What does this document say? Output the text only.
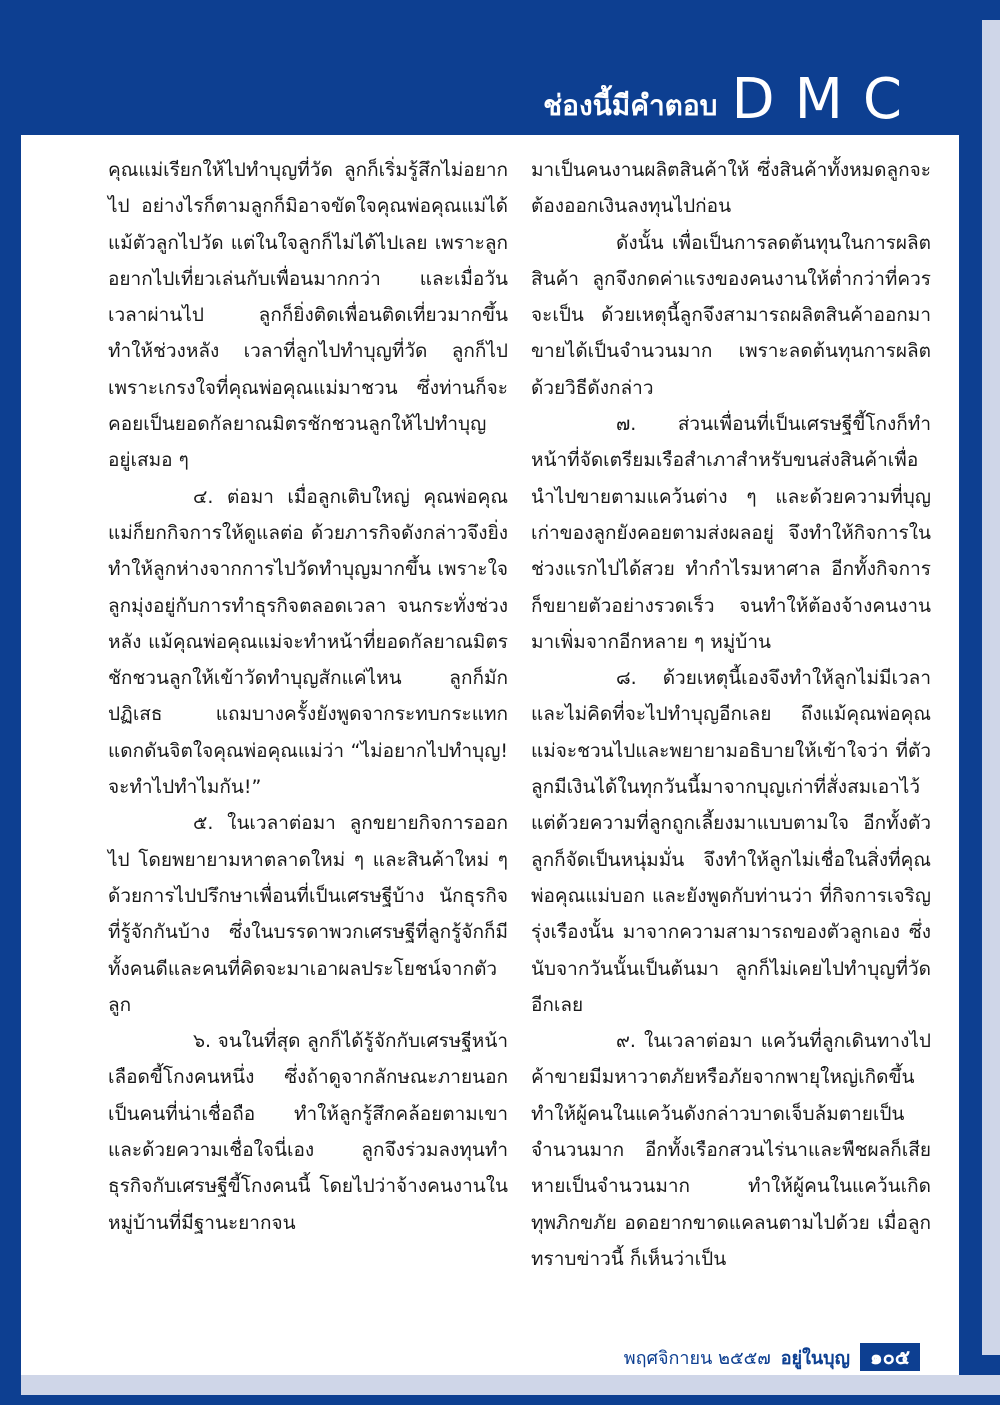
ช่องนี้มีคำตอบ DMC

คุณแม่เรียกให้ไปทำบุญที่วัด ลูกก็เริ่มรู้สึกไม่อยากไป อย่างไรก็ตามลูกก็มิอาจขัดใจคุณพ่อคุณแม่ได้ แม้ตัวลูกไปวัด แต่ในใจลูกก็ไม่ได้ไปเลย เพราะลูกอยากไปเที่ยวเล่นกับเพื่อนมากกว่า และเมื่อวันเวลาผ่านไป ลูกก็ยิ่งติดเพื่อนติดเที่ยวมากขึ้น ทำให้ช่วงหลัง เวลาที่ลูกไปทำบุญที่วัด ลูกก็ไปเพราะเกรงใจที่คุณพ่อคุณแม่มาชวน ซึ่งท่านก็จะคอยเป็นยอดกัลยาณมิตรชักชวนลูกให้ไปทำบุญอยู่เสมอ ๆ

๔. ต่อมา เมื่อลูกเติบใหญ่ คุณพ่อคุณแม่ก็ยกกิจการให้ดูแลต่อ ด้วยภารกิจดังกล่าวจึงยิ่งทำให้ลูกห่างจากการไปวัดทำบุญมากขึ้น เพราะใจลูกมุ่งอยู่กับการทำธุรกิจตลอดเวลา จนกระทั่งช่วงหลัง แม้คุณพ่อคุณแม่จะทำหน้าที่ยอดกัลยาณมิตรชักชวนลูกให้เข้าวัดทำบุญสักแค่ไหน ลูกก็มักปฏิเสธ แถมบางครั้งยังพูดจากระทบกระแทกแดกดันจิตใจคุณพ่อคุณแม่ว่า “ไม่อยากไปทำบุญ! จะทำไปทำไมกัน!”

๕. ในเวลาต่อมา ลูกขยายกิจการออกไป โดยพยายามหาตลาดใหม่ ๆ และสินค้าใหม่ ๆ ด้วยการไปปรึกษาเพื่อนที่เป็นเศรษฐีบ้าง นักธุรกิจที่รู้จักกันบ้าง ซึ่งในบรรดาพวกเศรษฐีที่ลูกรู้จักก็มีทั้งคนดีและคนที่คิดจะมาเอาผลประโยชน์จากตัวลูก

๖. จนในที่สุด ลูกก็ได้รู้จักกับเศรษฐีหน้าเลือดขี้โกงคนหนึ่ง ซึ่งถ้าดูจากลักษณะภายนอกเป็นคนที่น่าเชื่อถือ ทำให้ลูกรู้สึกคล้อยตามเขา และด้วยความเชื่อใจนี่เอง ลูกจึงร่วมลงทุนทำธุรกิจกับเศรษฐีขี้โกงคนนี้ โดยไปว่าจ้างคนงานในหมู่บ้านที่มีฐานะยากจน

มาเป็นคนงานผลิตสินค้าให้ ซึ่งสินค้าทั้งหมดลูกจะต้องออกเงินลงทุนไปก่อน

ดังนั้น เพื่อเป็นการลดต้นทุนในการผลิตสินค้า ลูกจึงกดค่าแรงของคนงานให้ต่ำกว่าที่ควรจะเป็น ด้วยเหตุนี้ลูกจึงสามารถผลิตสินค้าออกมาขายได้เป็นจำนวนมาก เพราะลดต้นทุนการผลิตด้วยวิธีดังกล่าว

๗. ส่วนเพื่อนที่เป็นเศรษฐีขี้โกงก็ทำหน้าที่จัดเตรียมเรือสำเภาสำหรับขนส่งสินค้าเพื่อนำไปขายตามแคว้นต่าง ๆ และด้วยความที่บุญเก่าของลูกยังคอยตามส่งผลอยู่ จึงทำให้กิจการในช่วงแรกไปได้สวย ทำกำไรมหาศาล อีกทั้งกิจการก็ขยายตัวอย่างรวดเร็ว จนทำให้ต้องจ้างคนงานมาเพิ่มจากอีกหลาย ๆ หมู่บ้าน

๘. ด้วยเหตุนี้เองจึงทำให้ลูกไม่มีเวลาและไม่คิดที่จะไปทำบุญอีกเลย ถึงแม้คุณพ่อคุณแม่จะชวนไปและพยายามอธิบายให้เข้าใจว่า ที่ตัวลูกมีเงินได้ในทุกวันนี้มาจากบุญเก่าที่สั่งสมเอาไว้ แต่ด้วยความที่ลูกถูกเลี้ยงมาแบบตามใจ อีกทั้งตัวลูกก็จัดเป็นหนุ่มมั่น จึงทำให้ลูกไม่เชื่อในสิ่งที่คุณพ่อคุณแม่บอก และยังพูดกับท่านว่า ที่กิจการเจริญรุ่งเรืองนั้น มาจากความสามารถของตัวลูกเอง ซึ่งนับจากวันนั้นเป็นต้นมา ลูกก็ไม่เคยไปทำบุญที่วัดอีกเลย

๙. ในเวลาต่อมา แคว้นที่ลูกเดินทางไปค้าขายมีมหาวาตภัยหรือภัยจากพายุใหญ่เกิดขึ้น ทำให้ผู้คนในแคว้นดังกล่าวบาดเจ็บล้มตายเป็นจำนวนมาก อีกทั้งเรือกสวนไร่นาและพืชผลก็เสียหายเป็นจำนวนมาก ทำให้ผู้คนในแคว้นเกิดทุพภิกขภัย อดอยากขาดแคลนตามไปด้วย เมื่อลูกทราบข่าวนี้ ก็เห็นว่าเป็น

พฤศจิกายน ๒๕๕๗ อยู่ในบุญ	๑๐๕
